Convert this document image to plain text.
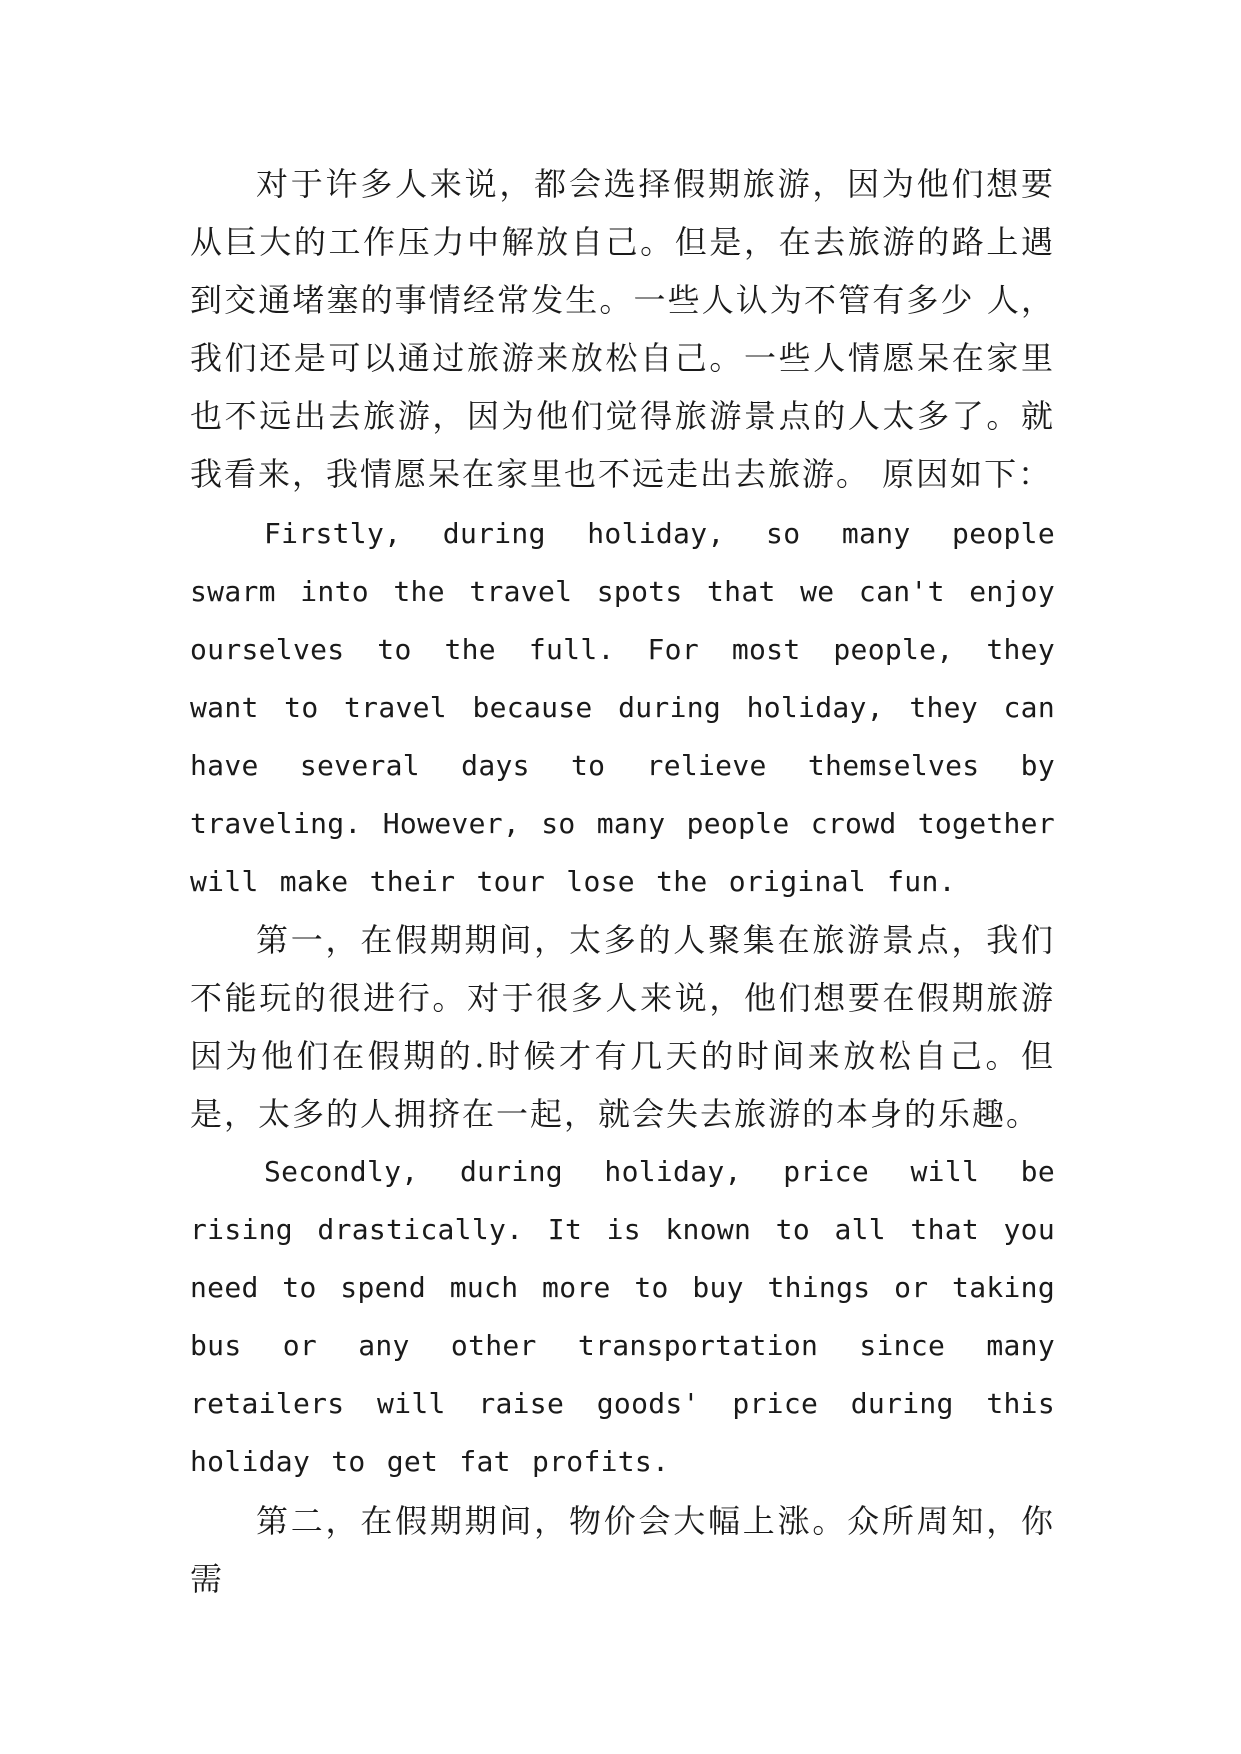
对于许多人来说，都会选择假期旅游，因为他们想要从巨大的工作压力中解放自己。但是，在去旅游的路上遇到交通堵塞的事情经常发生。一些人认为不管有多少 人，我们还是可以通过旅游来放松自己。一些人情愿呆在家里也不远出去旅游，因为他们觉得旅游景点的人太多了。就我看来，我情愿呆在家里也不远走出去旅游。 原因如下：

Firstly, during holiday, so many people swarm into the travel spots that we can't enjoy ourselves to the full. For most people, they want to travel because during holiday, they can have several days to relieve themselves by traveling. However, so many people crowd together will make their tour lose the original fun.

第一，在假期期间，太多的人聚集在旅游景点，我们不能玩的很进行。对于很多人来说，他们想要在假期旅游因为他们在假期的.时候才有几天的时间来放松自己。但是，太多的人拥挤在一起，就会失去旅游的本身的乐趣。

Secondly, during holiday, price will be rising drastically. It is known to all that you need to spend much more to buy things or taking bus or any other transportation since many retailers will raise goods' price during this holiday to get fat profits.

第二，在假期期间，物价会大幅上涨。众所周知，你需
